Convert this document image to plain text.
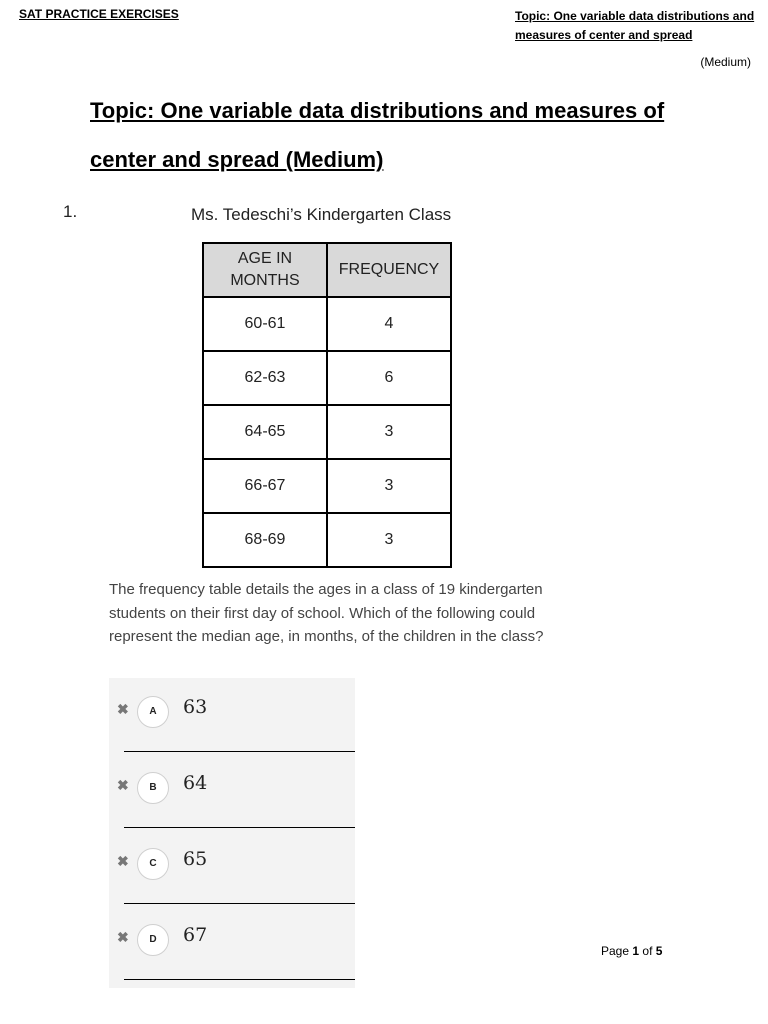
SAT PRACTICE EXERCISES	Topic: One variable data distributions and measures of center and spread
(Medium)
Topic: One variable data distributions and measures of center and spread (Medium)
1.	Ms. Tedeschi’s Kindergarten Class
AGE IN MONTHS	FREQUENCY
60-61	4
62-63	6
64-65	3
66-67	3
68-69	3
The frequency table details the ages in a class of 19 kindergarten students on their first day of school. Which of the following could represent the median age, in months, of the children in the class?
✖	A	63
✖	B	64
✖	C	65
✖	D	67
Page 1 of 5
